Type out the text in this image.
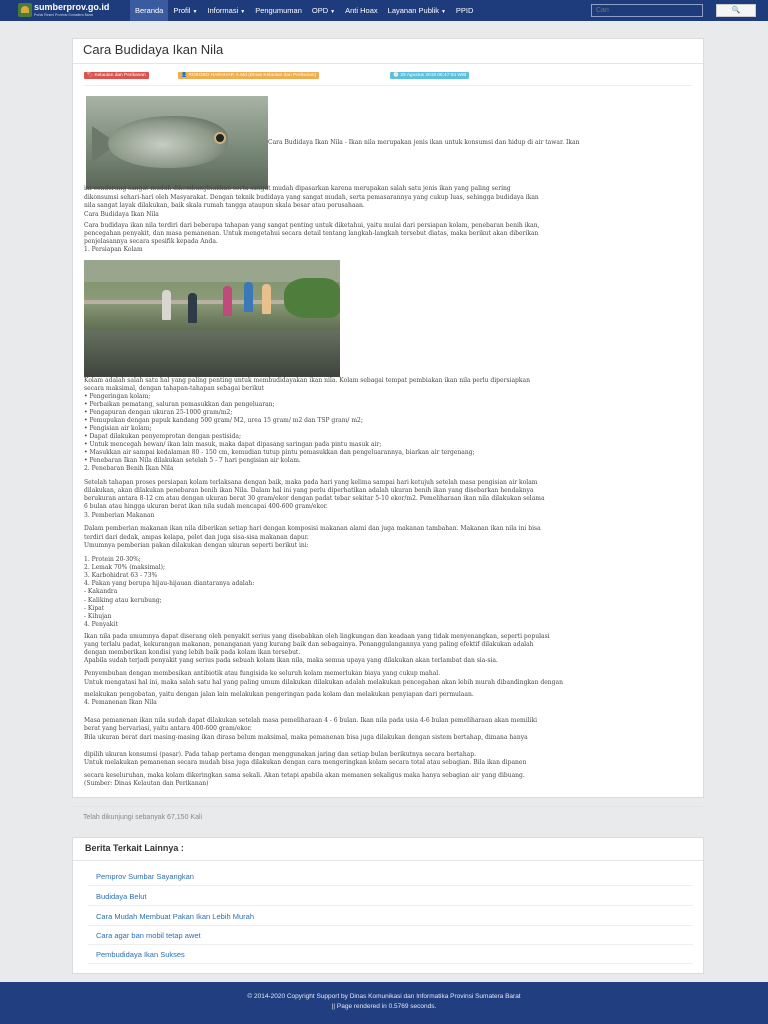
sumberprov.go.id
Portal Resmi Provinsi Sumatera Barat	Beranda	Profil ▼	Informasi ▼	Pengumuman	OPD ▼	Anti Hoax	Layanan Publik ▼	PPID
Cari	🔍
Cara Budidaya Ikan Nila
🏷 Kelautan dan Perikanan	👤 ROBOBO HARAHAP, A.Md (Dinas Kelautan dan Perikanan)	🕒 29 Agustus 2018 06:47:04 WIB
Cara Budidaya Ikan Nila - Ikan nila merupakan jenis ikan untuk konsumsi dan hidup di air tawar. Ikan
ini cenderung sangat mudah dikembangbiakkan serta sangat mudah dipasarkan karena merupakan salah satu jenis ikan yang paling sering
dikonsumsi sehari-hari oleh Masyarakat. Dengan teknik budidaya yang sangat mudah, serta pemasarannya yang cukup luas, sehingga budidaya ikan
nila sangat layak dilakukan, baik skala rumah tangga ataupun skala besar atau perusahaan.
Cara Budidaya Ikan Nila
Cara budidaya ikan nila terdiri dari beberapa tahapan yang sangat penting untuk diketahui, yaitu mulai dari persiapan kolam, penebaran benih ikan,
pencegahan penyakit, dan masa pemanenan. Untuk mengetahui secara detail tentang langkah-langkah tersebut diatas, maka berikut akan diberikan
penjelasannya secara spesifik kepada Anda.
1. Persiapan Kolam
Kolam adalah salah satu hal yang paling penting untuk membudidayakan ikan nila. Kolam sebagai tempat pembiakan ikan nila perlu dipersiapkan
secara maksimal, dengan tahapan-tahapan sebagai berikut
• Pengeringan kolam;
• Perbaikan pematang, saluran pemasukkan dan pengeluaran;
• Pengapuran dengan ukuran 25-1000 gram/m2;
• Pemupukan dengan pupuk kandang 500 gram/ M2, urea 15 gram/ m2 dan TSP gram/ m2;
• Pengisian air kolam;
• Dapat dilakukan penyemprotan dengan pestisida;
• Untuk mencegah hewan/ ikan lain masuk, maka dapat dipasang saringan pada pintu masuk air;
• Masukkan air sampai kedalaman 80 - 150 cm, kemudian tutup pintu pemasukkan dan pengeluarannya, biarkan air tergenang;
• Penebaran Ikan Nila dilakukan setelah 5 - 7 hari pengisian air kolam.
2. Penebaran Benih Ikan Nila
Setelah tahapan proses persiapan kolam terlaksana dengan baik, maka pada hari yang kelima sampai hari ketujuh setelah masa pengisian air kolam
dilakukan, akan dilakukan penebaran benih ikan Nila. Dalam hal ini yang perlu diperhatikan adalah ukuran benih ikan yang disebarkan hendaknya
berukuran antara 8-12 cm atau dengan ukuran berat 30 gram/ekor dengan padat tebar sekitar 5-10 ekor/m2. Pemeliharaan ikan nila dilakukan selama
6 bulan atau hingga ukuran berat ikan nila sudah mencapai 400-600 gram/ekor.
3. Pemberian Makanan
Dalam pemberian makanan ikan nila diberikan setiap hari dengan komposisi makanan alami dan juga makanan tambahan. Makanan ikan nila ini bisa
terdiri dari dedak, ampas kelapa, pelet dan juga sisa-sisa makanan dapur.
Umumnya pemberian pakan dilakukan dengan ukuran seperti berikut ini:
1. Protein 20-30%;
2. Lemak 70% (maksimal);
3. Karbohidrat 63 - 73%
4. Pakan yang berupa hijau-hijauan diantaranya adalah:
- Kakandra
- Kaliking atau kerubung;
- Kipat
- Kihujan
4. Penyakit
Ikan nila pada umumnya dapat diserang oleh penyakit serius yang disebabkan oleh lingkungan dan keadaan yang tidak menyenangkan, seperti populasi
yang terlalu padat, kekurangan makanan, penanganan yang kurang baik dan sebagainya. Penanggulangannya yang paling efektif dilakukan adalah
dengan memberikan kondisi yang lebih baik pada kolam ikan tersebut.
Apabila sudah terjadi penyakit yang serius pada sebuah kolam ikan nila, maka semua upaya yang dilakukan akan terlambat dan sia-sia.
Penyembuhan dengan membesikan antibiotik atau fungisida ke seluruh kolam memerlukan biaya yang cukup mahal.
Untuk mengatasi hal ini, maka salah satu hal yang paling umum dilakukan dilakukan adalah melakukan pencegahan akan lebih murah dibandingkan dengan
melakukan pengobatan, yaitu dengan jalan lain melakukan pengeringan pada kolam dan melakukan penyiapan dari permulaan.
4. Pemanenan Ikan Nila
Masa pemanenan ikan nila sudah dapat dilakukan setelah masa pemeliharaan 4 - 6 bulan. Ikan nila pada usia 4-6 bulan pemeliharaan akan memiliki
berat yang bervariasi, yaitu antara 400-600 gram/ekor.
Bila ukuran berat dari masing-masing ikan dirasa belum maksimal, maka pemanenan bisa juga dilakukan dengan sistem bertahap, dimana hanya
dipilih ukuran konsumsi (pasar). Pada tahap pertama dengan menggunakan jaring dan setiap bulan berikutnya secara bertahap.
Untuk melakukan pemanenan secara mudah bisa juga dilakukan dengan cara mengeringkan kolam secara total atau sebagian. Bila ikan dipanen
secara keseluruhan, maka kolam dikeringkan sama sekali. Akan tetapi apabila akan memanen sekaligus maka hanya sebagian air yang dibuang.
(Sumber: Dinas Kelautan dan Perikanan)
Telah dikunjungi sebanyak 67,150 Kali
Berita Terkait Lainnya :
Pemprov Sumbar Sayangkan
Budidaya Belut
Cara Mudah Membuat Pakan Ikan Lebih Murah
Cara agar ban mobil tetap awet
Pembudidaya Ikan Sukses
© 2014-2020 Copyright Support by Dinas Komunikasi dan Informatika Provinsi Sumatera Barat
|| Page rendered in 0.5769 seconds.
